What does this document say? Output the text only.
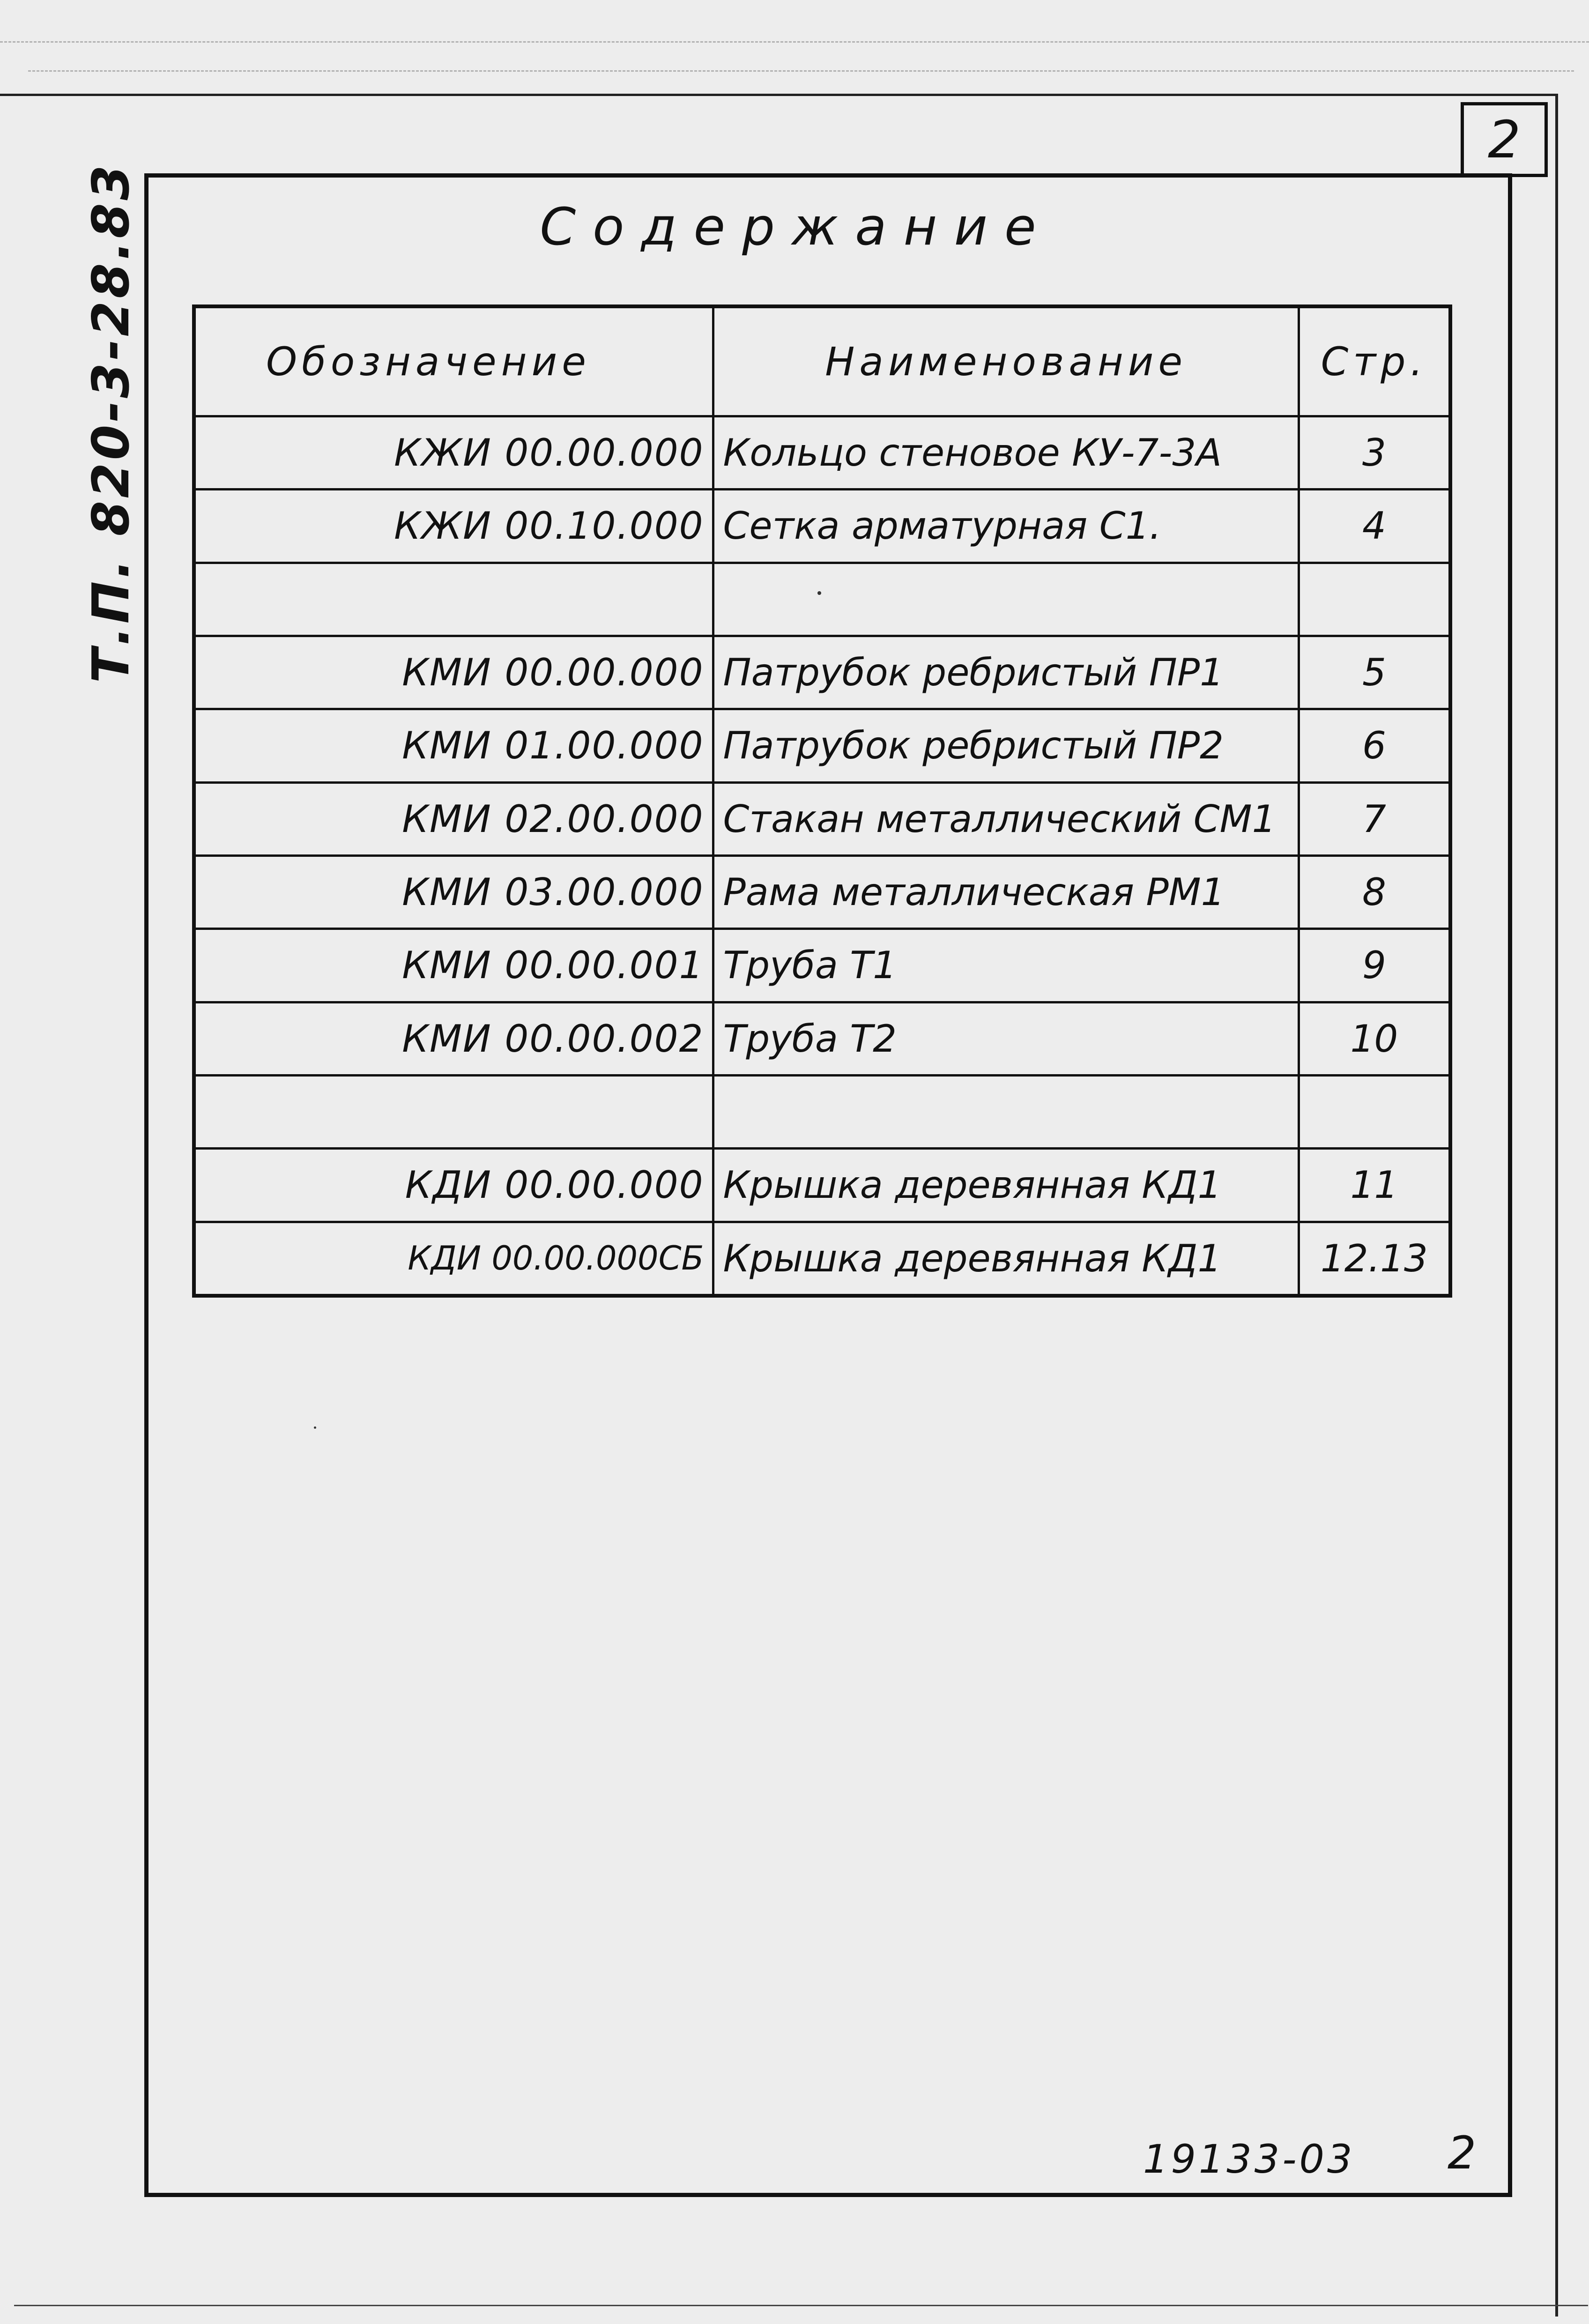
2
Т.П. 820-3-28.83	Содержание
Обозначение	Наименование	Стр.
КЖИ 00.00.000	Кольцо стеновое КУ-7-3А	3
КЖИ 00.10.000	Сетка арматурная С1.	4

КМИ 00.00.000	Патрубок ребристый ПР1	5
КМИ 01.00.000	Патрубок ребристый ПР2	6
КМИ 02.00.000	Стакан металлический СМ1	7
КМИ 03.00.000	Рама металлическая РМ1	8
КМИ 00.00.001	Труба Т1	9
КМИ 00.00.002	Труба Т2	10

КДИ 00.00.000	Крышка деревянная КД1	11
КДИ 00.00.000СБ	Крышка деревянная КД1	12.13
19133-03 2
